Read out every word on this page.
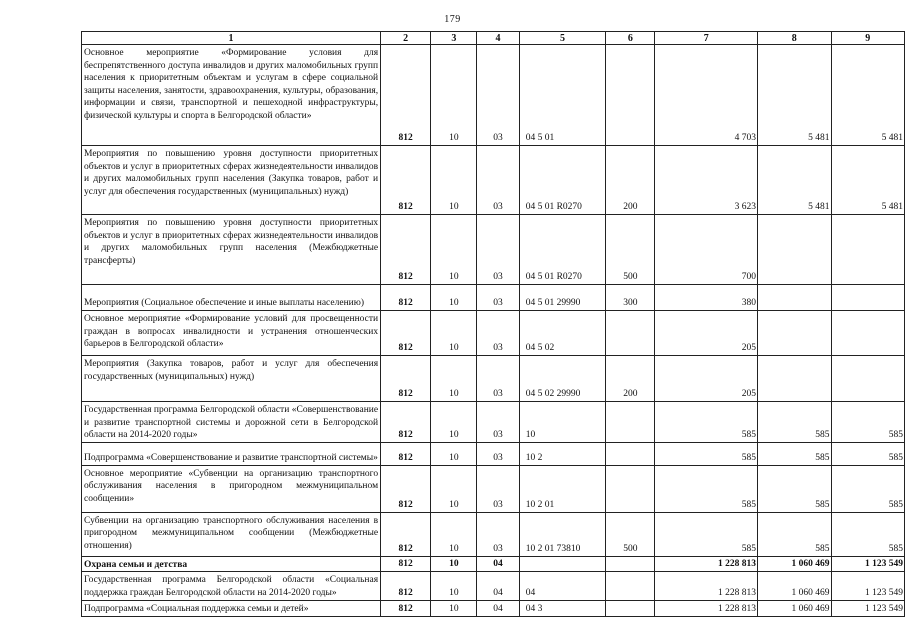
179
1	2	3	4	5	6	7	8	9
Основное мероприятие «Формирование условия для беспрепятственного доступа инвалидов и других маломобильных групп населения к приоритетным объектам и услугам в сфере социальной защиты населения, занятости, здравоохранения, культуры, образования, информации и связи, транспортной и пешеходной инфраструктуры, физической культуры и спорта в Белгородской области»	812	10	03	04 5 01		4 703	5 481	5 481
Мероприятия по повышению уровня доступности приоритетных объектов и услуг в приоритетных сферах жизнедеятельности инвалидов и других маломобильных групп населения (Закупка товаров, работ и услуг для обеспечения государственных (муниципальных) нужд)	812	10	03	04 5 01 R0270	200	3 623	5 481	5 481
Мероприятия по повышению уровня доступности приоритетных объектов и услуг в приоритетных сферах жизнедеятельности инвалидов и других маломобильных групп населения (Межбюджетные трансферты)	812	10	03	04 5 01 R0270	500	700		
Мероприятия (Социальное обеспечение и иные выплаты населению)	812	10	03	04 5 01 29990	300	380		
Основное мероприятие «Формирование условий для просвещенности граждан в вопросах инвалидности и устранения отношенческих барьеров в Белгородской области»	812	10	03	04 5 02		205		
Мероприятия (Закупка товаров, работ и услуг для обеспечения государственных (муниципальных) нужд)	812	10	03	04 5 02 29990	200	205		
Государственная программа Белгородской области «Совершенствование и развитие транспортной системы и дорожной сети в Белгородской области на 2014-2020 годы»	812	10	03	10		585	585	585
Подпрограмма «Совершенствование и развитие транспортной системы»	812	10	03	10 2		585	585	585
Основное мероприятие «Субвенции на организацию транспортного обслуживания населения в пригородном межмуниципальном сообщении»	812	10	03	10 2 01		585	585	585
Субвенции на организацию транспортного обслуживания населения в пригородном межмуниципальном сообщении (Межбюджетные отношения)	812	10	03	10 2 01 73810	500	585	585	585
Охрана семьи и детства	812	10	04			1 228 813	1 060 469	1 123 549
Государственная программа Белгородской области «Социальная поддержка граждан Белгородской области на 2014-2020 годы»	812	10	04	04		1 228 813	1 060 469	1 123 549
Подпрограмма «Социальная поддержка семьи и детей»	812	10	04	04 3		1 228 813	1 060 469	1 123 549
